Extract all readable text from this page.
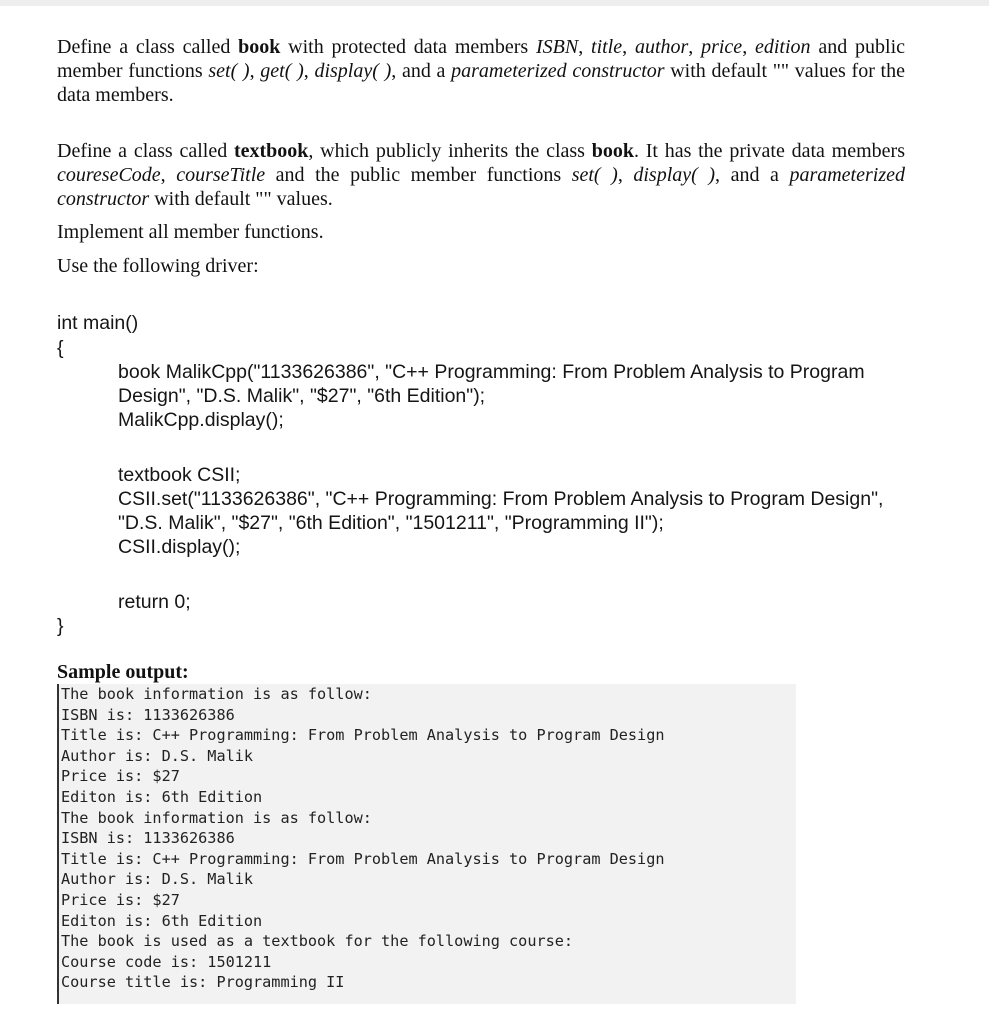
Define a class called book with protected data members ISBN, title, author, price, edition and public member functions set( ), get( ), display( ), and a parameterized constructor with default "" values for the data members.

Define a class called textbook, which publicly inherits the class book. It has the private data members coureseCode, courseTitle and the public member functions set( ), display( ), and a parameterized constructor with default "" values.

Implement all member functions.

Use the following driver:

int main()
{
book MalikCpp("1133626386", "C++ Programming: From Problem Analysis to Program
Design", "D.S. Malik", "$27", "6th Edition");
MalikCpp.display();
textbook CSII;
CSII.set("1133626386", "C++ Programming: From Problem Analysis to Program Design",
"D.S. Malik", "$27", "6th Edition", "1501211", "Programming II");
CSII.display();
return 0;
}
Sample output:
The book information is as follow:
ISBN is: 1133626386
Title is: C++ Programming: From Problem Analysis to Program Design
Author is: D.S. Malik
Price is: $27
Editon is: 6th Edition
The book information is as follow:
ISBN is: 1133626386
Title is: C++ Programming: From Problem Analysis to Program Design
Author is: D.S. Malik
Price is: $27
Editon is: 6th Edition
The book is used as a textbook for the following course:
Course code is: 1501211
Course title is: Programming II
